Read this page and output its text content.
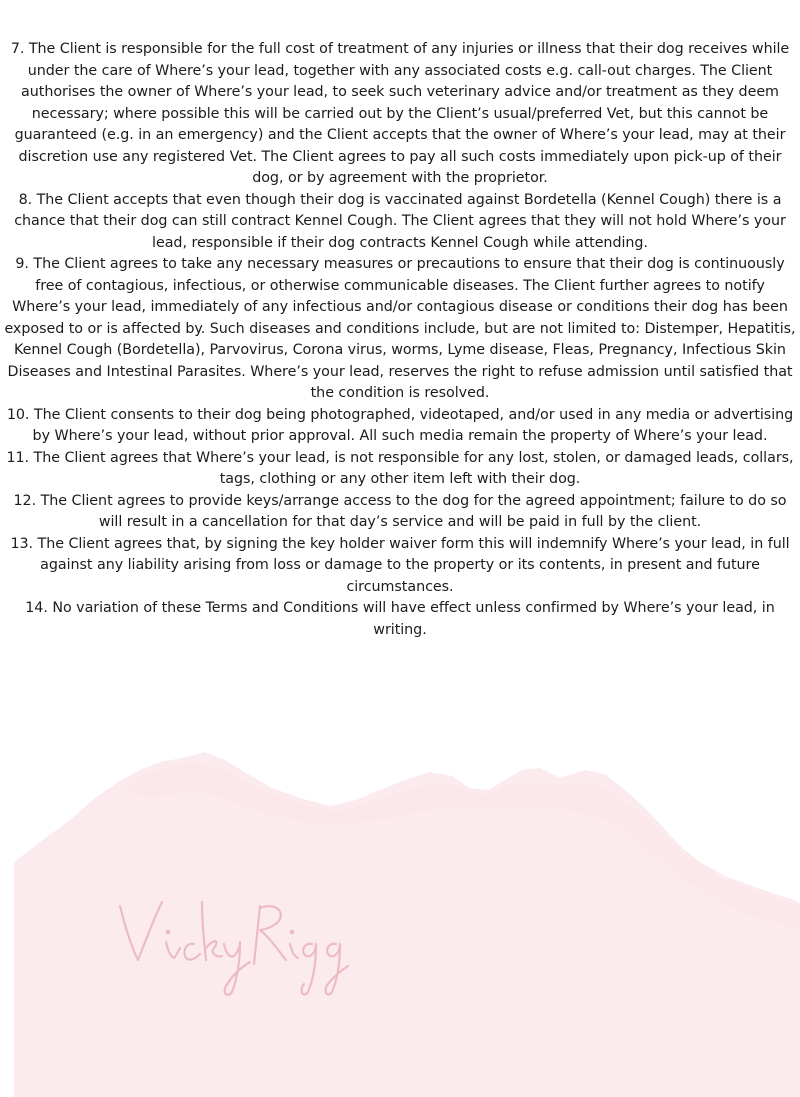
7. The Client is responsible for the full cost of treatment of any injuries or illness that their dog receives while under the care of Where’s your lead, together with any associated costs e.g. call-out charges. The Client authorises the owner of Where’s your lead, to seek such veterinary advice and/or treatment as they deem necessary; where possible this will be carried out by the Client’s usual/preferred Vet, but this cannot be guaranteed (e.g. in an emergency) and the Client accepts that the owner of Where’s your lead, may at their discretion use any registered Vet. The Client agrees to pay all such costs immediately upon pick-up of their dog, or by agreement with the proprietor.
8. The Client accepts that even though their dog is vaccinated against Bordetella (Kennel Cough) there is a chance that their dog can still contract Kennel Cough. The Client agrees that they will not hold Where’s your lead, responsible if their dog contracts Kennel Cough while attending.
9. The Client agrees to take any necessary measures or precautions to ensure that their dog is continuously free of contagious, infectious, or otherwise communicable diseases. The Client further agrees to notify Where’s your lead, immediately of any infectious and/or contagious disease or conditions their dog has been exposed to or is affected by. Such diseases and conditions include, but are not limited to: Distemper, Hepatitis, Kennel Cough (Bordetella), Parvovirus, Corona virus, worms, Lyme disease, Fleas, Pregnancy, Infectious Skin Diseases and Intestinal Parasites. Where’s your lead, reserves the right to refuse admission until satisfied that the condition is resolved.
10. The Client consents to their dog being photographed, videotaped, and/or used in any media or advertising by Where’s your lead, without prior approval. All such media remain the property of Where’s your lead.
11. The Client agrees that Where’s your lead, is not responsible for any lost, stolen, or damaged leads, collars, tags, clothing or any other item left with their dog.
12. The Client agrees to provide keys/arrange access to the dog for the agreed appointment; failure to do so will result in a cancellation for that day’s service and will be paid in full by the client.
13. The Client agrees that, by signing the key holder waiver form this will indemnify Where’s your lead, in full against any liability arising from loss or damage to the property or its contents, in present and future circumstances.
14. No variation of these Terms and Conditions will have effect unless confirmed by Where’s your lead, in writing.
